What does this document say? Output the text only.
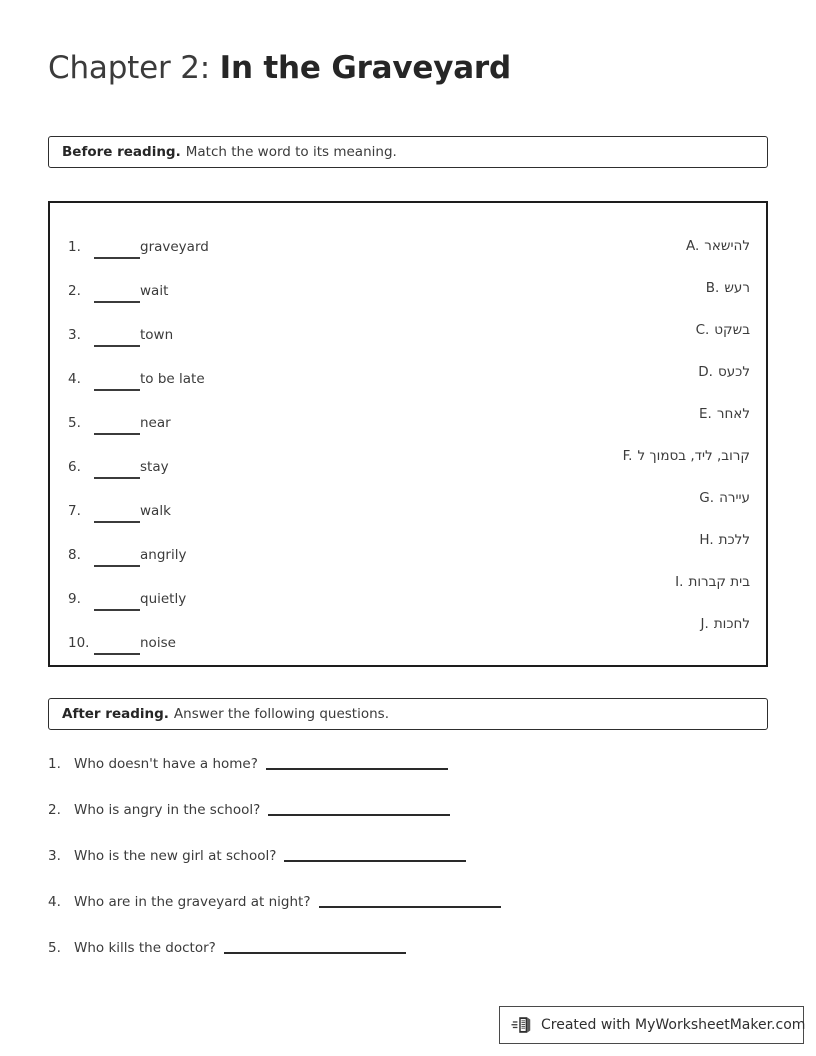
Chapter 2: In the Graveyard
Before reading. Match the word to its meaning.
1.	graveyard
2.	wait
3.	town
4.	to be late
5.	near
6.	stay
7.	walk
8.	angrily
9.	quietly
10.	noise
A. להישאר
B. רעש
C. בשקט
D. לכעס
E. לאחר
F. קרוב, ליד, בסמוך ל
G. עיירה
H. ללכת
I. בית קברות
J. לחכות
After reading. Answer the following questions.
1. Who doesn't have a home?
2. Who is angry in the school?
3. Who is the new girl at school?
4. Who are in the graveyard at night?
5. Who kills the doctor?
Created with MyWorksheetMaker.com
